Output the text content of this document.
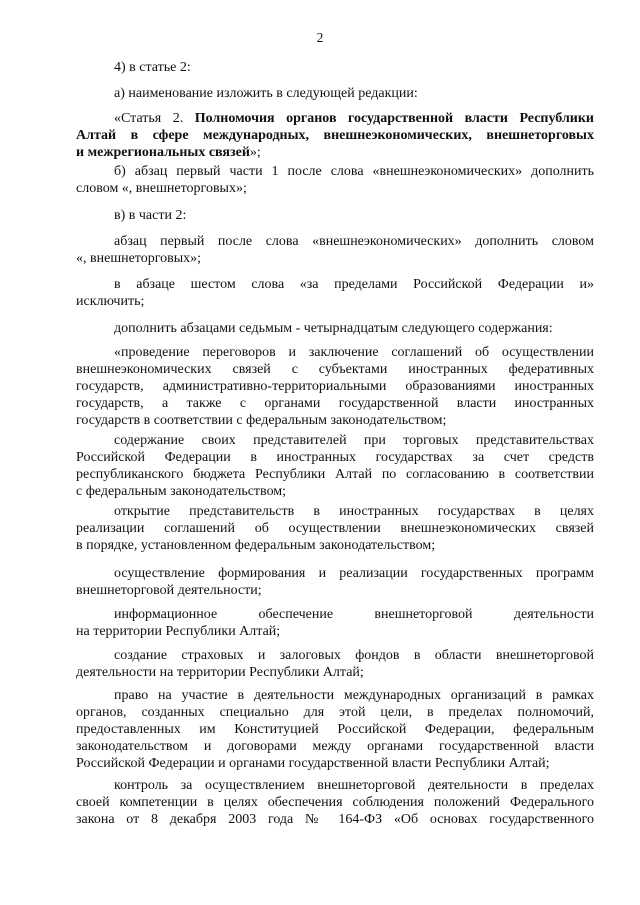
2
4) в статье 2:
а) наименование изложить в следующей редакции:
«Статья 2. Полномочия органов государственной власти Республики
Алтай в сфере международных, внешнеэкономических, внешнеторговых
и межрегиональных связей»;
б) абзац первый части 1 после слова «внешнеэкономических» дополнить
словом «, внешнеторговых»;
в) в части 2:
абзац первый после слова «внешнеэкономических» дополнить словом
«, внешнеторговых»;
в абзаце шестом слова «за пределами Российской Федерации и»
исключить;
дополнить абзацами седьмым - четырнадцатым следующего содержания:
«проведение переговоров и заключение соглашений об осуществлении
внешнеэкономических связей с субъектами иностранных федеративных
государств, административно-территориальными образованиями иностранных
государств, а также с органами государственной власти иностранных
государств в соответствии с федеральным законодательством;
содержание своих представителей при торговых представительствах
Российской Федерации в иностранных государствах за счет средств
республиканского бюджета Республики Алтай по согласованию в соответствии
с федеральным законодательством;
открытие представительств в иностранных государствах в целях
реализации соглашений об осуществлении внешнеэкономических связей
в порядке, установленном федеральным законодательством;
осуществление формирования и реализации государственных программ
внешнеторговой деятельности;
информационное обеспечение внешнеторговой деятельности
на территории Республики Алтай;
создание страховых и залоговых фондов в области внешнеторговой
деятельности на территории Республики Алтай;
право на участие в деятельности международных организаций в рамках
органов, созданных специально для этой цели, в пределах полномочий,
предоставленных им Конституцией Российской Федерации, федеральным
законодательством и договорами между органами государственной власти
Российской Федерации и органами государственной власти Республики Алтай;
контроль за осуществлением внешнеторговой деятельности в пределах
своей компетенции в целях обеспечения соблюдения положений Федерального
закона от 8 декабря 2003 года № 164-ФЗ «Об основах государственного
